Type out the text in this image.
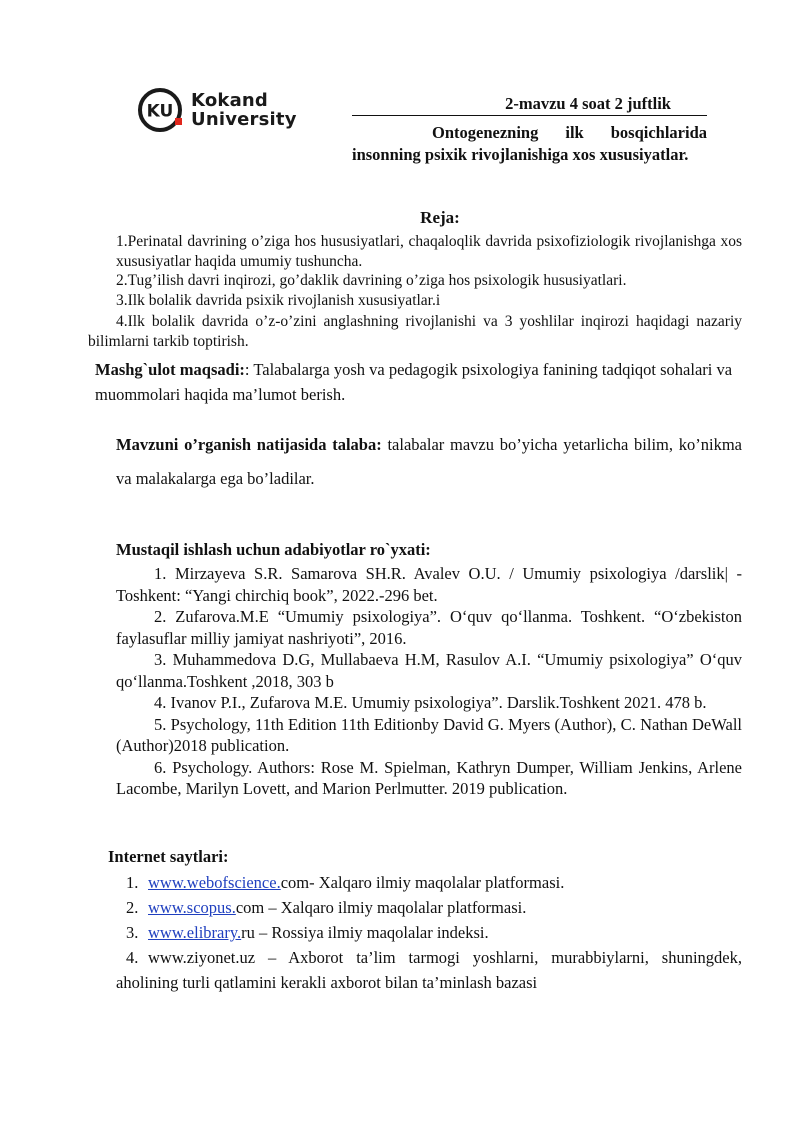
KU
Kokand
University
2-mavzu 4 soat 2 juftlik
Ontogenezning ilk bosqichlarida insonning psixik rivojlanishiga xos xususiyatlar.
Reja:

1.Perinatal davrining o’ziga hos hususiyatlari, chaqaloqlik davrida psixofiziologik rivojlanishga xos xususiyatlar haqida umumiy tushuncha.

2.Tug’ilish davri inqirozi, go’daklik davrining o’ziga hos psixologik hususiyatlari.

3.Ilk bolalik davrida psixik rivojlanish xususiyatlar.i

4.Ilk bolalik davrida o’z-o’zini anglashning rivojlanishi va 3 yoshlilar inqirozi haqidagi nazariy bilimlarni tarkib toptirish.

Mashg`ulot maqsadi:: Talabalarga yosh va pedagogik psixologiya fanining tadqiqot sohalari va muommolari haqida ma’lumot berish.
Mavzuni o’rganish natijasida talaba: talabalar mavzu bo’yicha yetarlicha bilim, ko’nikma va malakalarga ega bo’ladilar.
Mustaqil ishlash uchun adabiyotlar ro`yxati:

1. Mirzayeva S.R. Samarova SH.R. Avalev O.U. / Umumiy psixologiya /darslik| -Toshkent: “Yangi chirchiq book”, 2022.-296 bet.

2. Zufarova.M.E “Umumiy psixologiya”. O‘quv qo‘llanma. Toshkent. “O‘zbekiston faylasuflar milliy jamiyat nashriyoti”, 2016.

3. Muhammedova D.G, Mullabaeva H.M, Rasulov A.I. “Umumiy psixologiya” O‘quv qo‘llanma.Toshkent ,2018, 303 b

4. Ivanov P.I., Zufarova M.E. Umumiy psixologiya”. Darslik.Toshkent 2021. 478 b.

5. Psychology, 11th Edition 11th Editionby David G. Myers (Author), C. Nathan DeWall (Author)2018 publication.

6. Psychology. Authors: Rose M. Spielman, Kathryn Dumper, William Jenkins, Arlene Lacombe, Marilyn Lovett, and Marion Perlmutter. 2019 publication.

Internet saytlari:

1. www.webofscience.com- Xalqaro ilmiy maqolalar platformasi.

2. www.scopus.com – Xalqaro ilmiy maqolalar platformasi.

3. www.elibrary.ru – Rossiya ilmiy maqolalar indeksi.

4. www.ziyonet.uz – Axborot ta’lim tarmogi yoshlarni, murabbiylarni, shuningdek, aholining turli qatlamini kerakli axborot bilan ta’minlash bazasi
